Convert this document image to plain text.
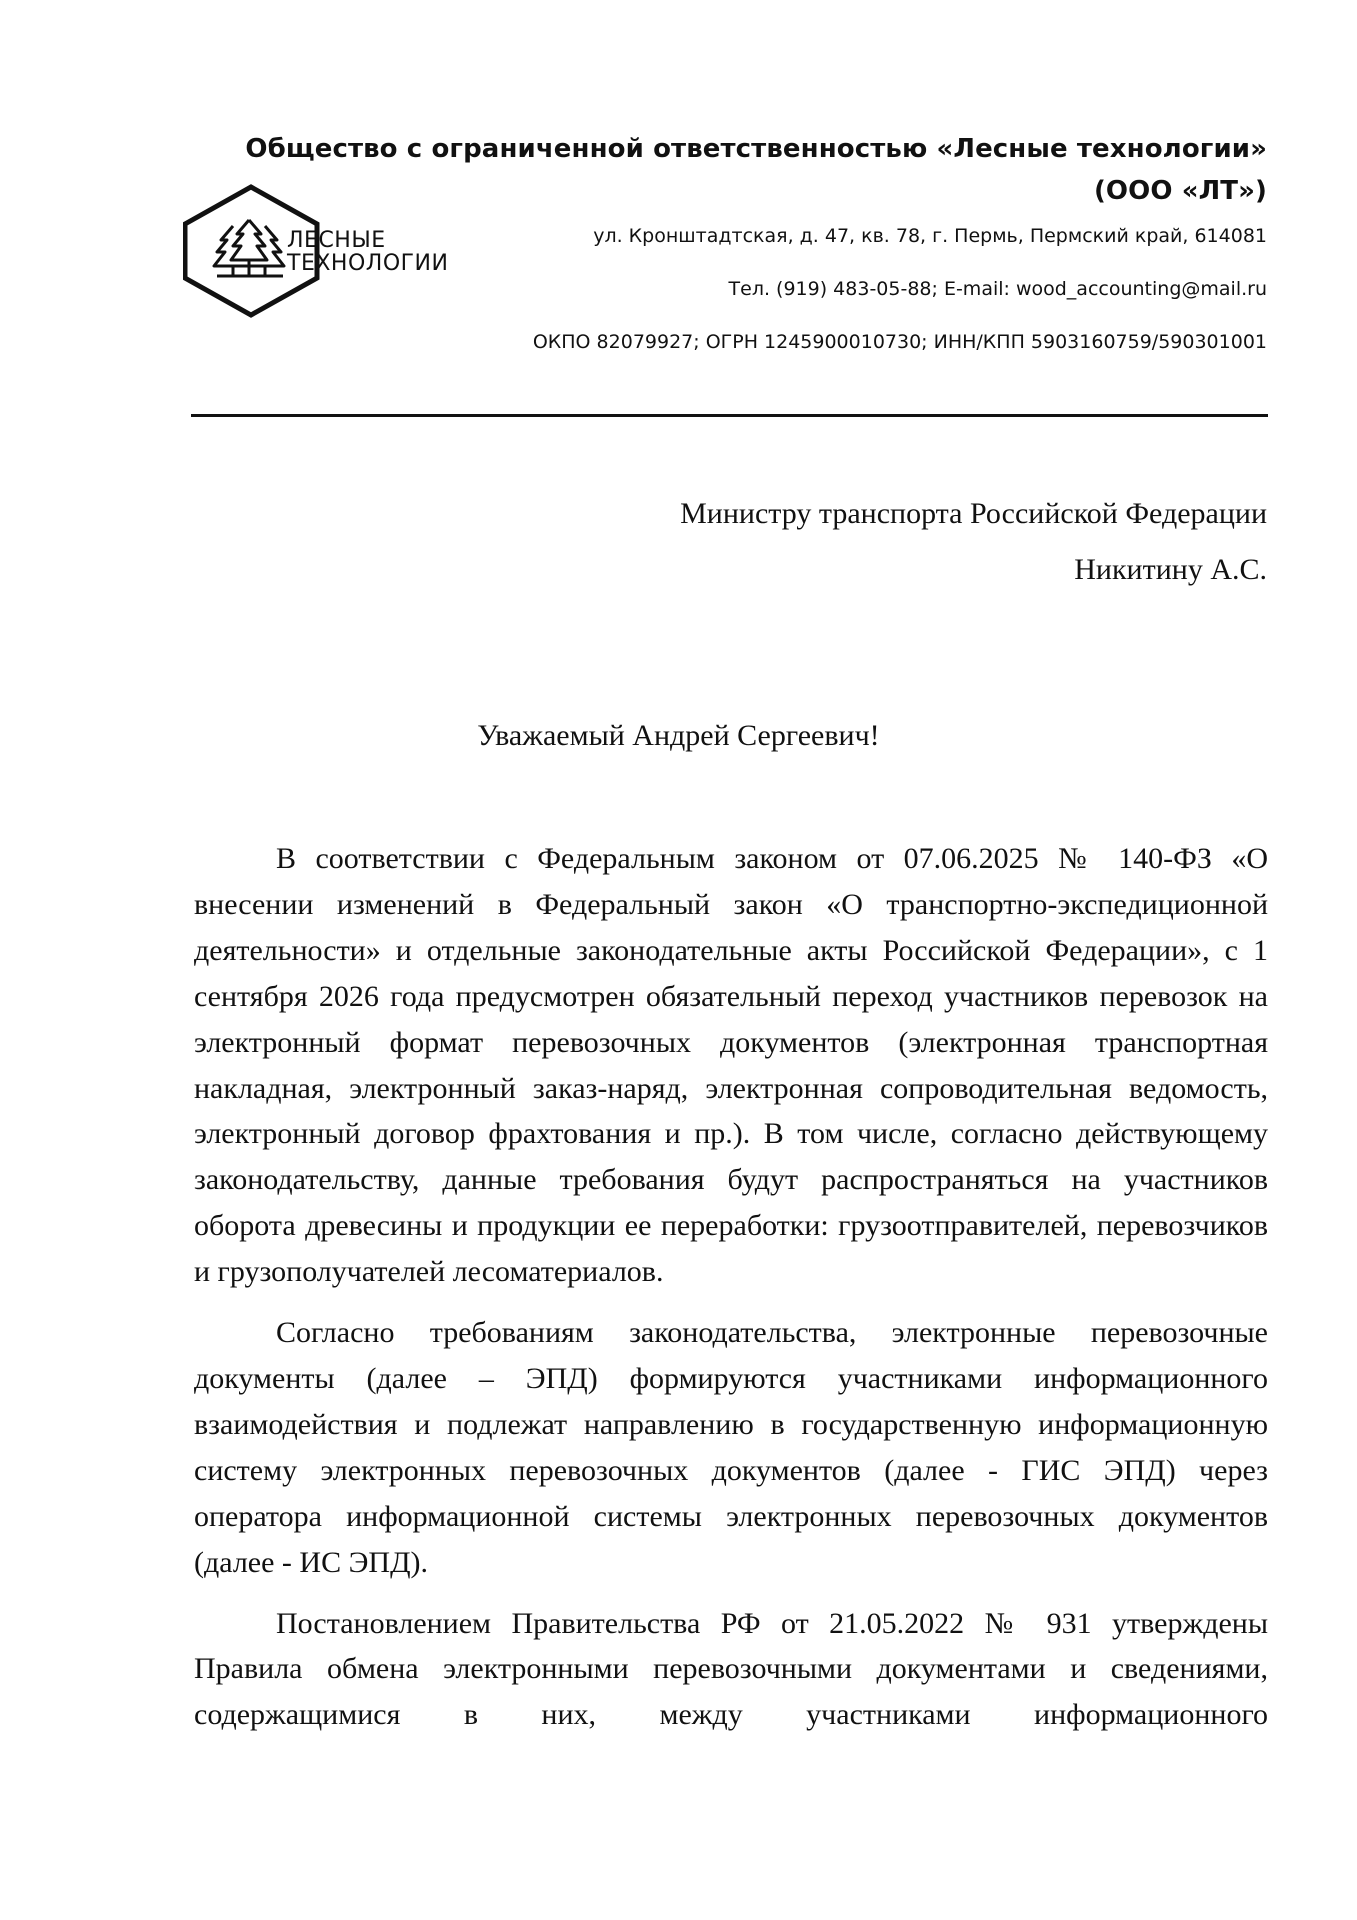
Общество с ограниченной ответственностью «Лесные технологии»
(ООО «ЛТ»)
ЛЕСНЫЕ
ТЕХНОЛОГИИ
ул. Кронштадтская, д. 47, кв. 78, г. Пермь, Пермский край, 614081
Тел. (919) 483-05-88; E-mail: wood_accounting@mail.ru
ОКПО 82079927; ОГРН 1245900010730; ИНН/КПП 5903160759/590301001
Министру транспорта Российской Федерации
Никитину А.С.
Уважаемый Андрей Сергеевич!

В соответствии с Федеральным законом от 07.06.2025 № 140-ФЗ «О внесении изменений в Федеральный закон «О транспортно-экспедиционной деятельности» и отдельные законодательные акты Российской Федерации», с 1 сентября 2026 года предусмотрен обязательный переход участников перевозок на электронный формат перевозочных документов (электронная транспортная накладная, электронный заказ-наряд, электронная сопроводительная ведомость, электронный договор фрахтования и пр.). В том числе, согласно действующему законодательству, данные требования будут распространяться на участников оборота древесины и продукции ее переработки: грузоотправителей, перевозчиков и грузополучателей лесоматериалов.

Согласно требованиям законодательства, электронные перевозочные документы (далее – ЭПД) формируются участниками информационного взаимодействия и подлежат направлению в государственную информационную систему электронных перевозочных документов (далее - ГИС ЭПД) через оператора информационной системы электронных перевозочных документов (далее - ИС ЭПД).

Постановлением Правительства РФ от 21.05.2022 № 931 утверждены Правила обмена электронными перевозочными документами и сведениями, содержащимися в них, между участниками информационного
